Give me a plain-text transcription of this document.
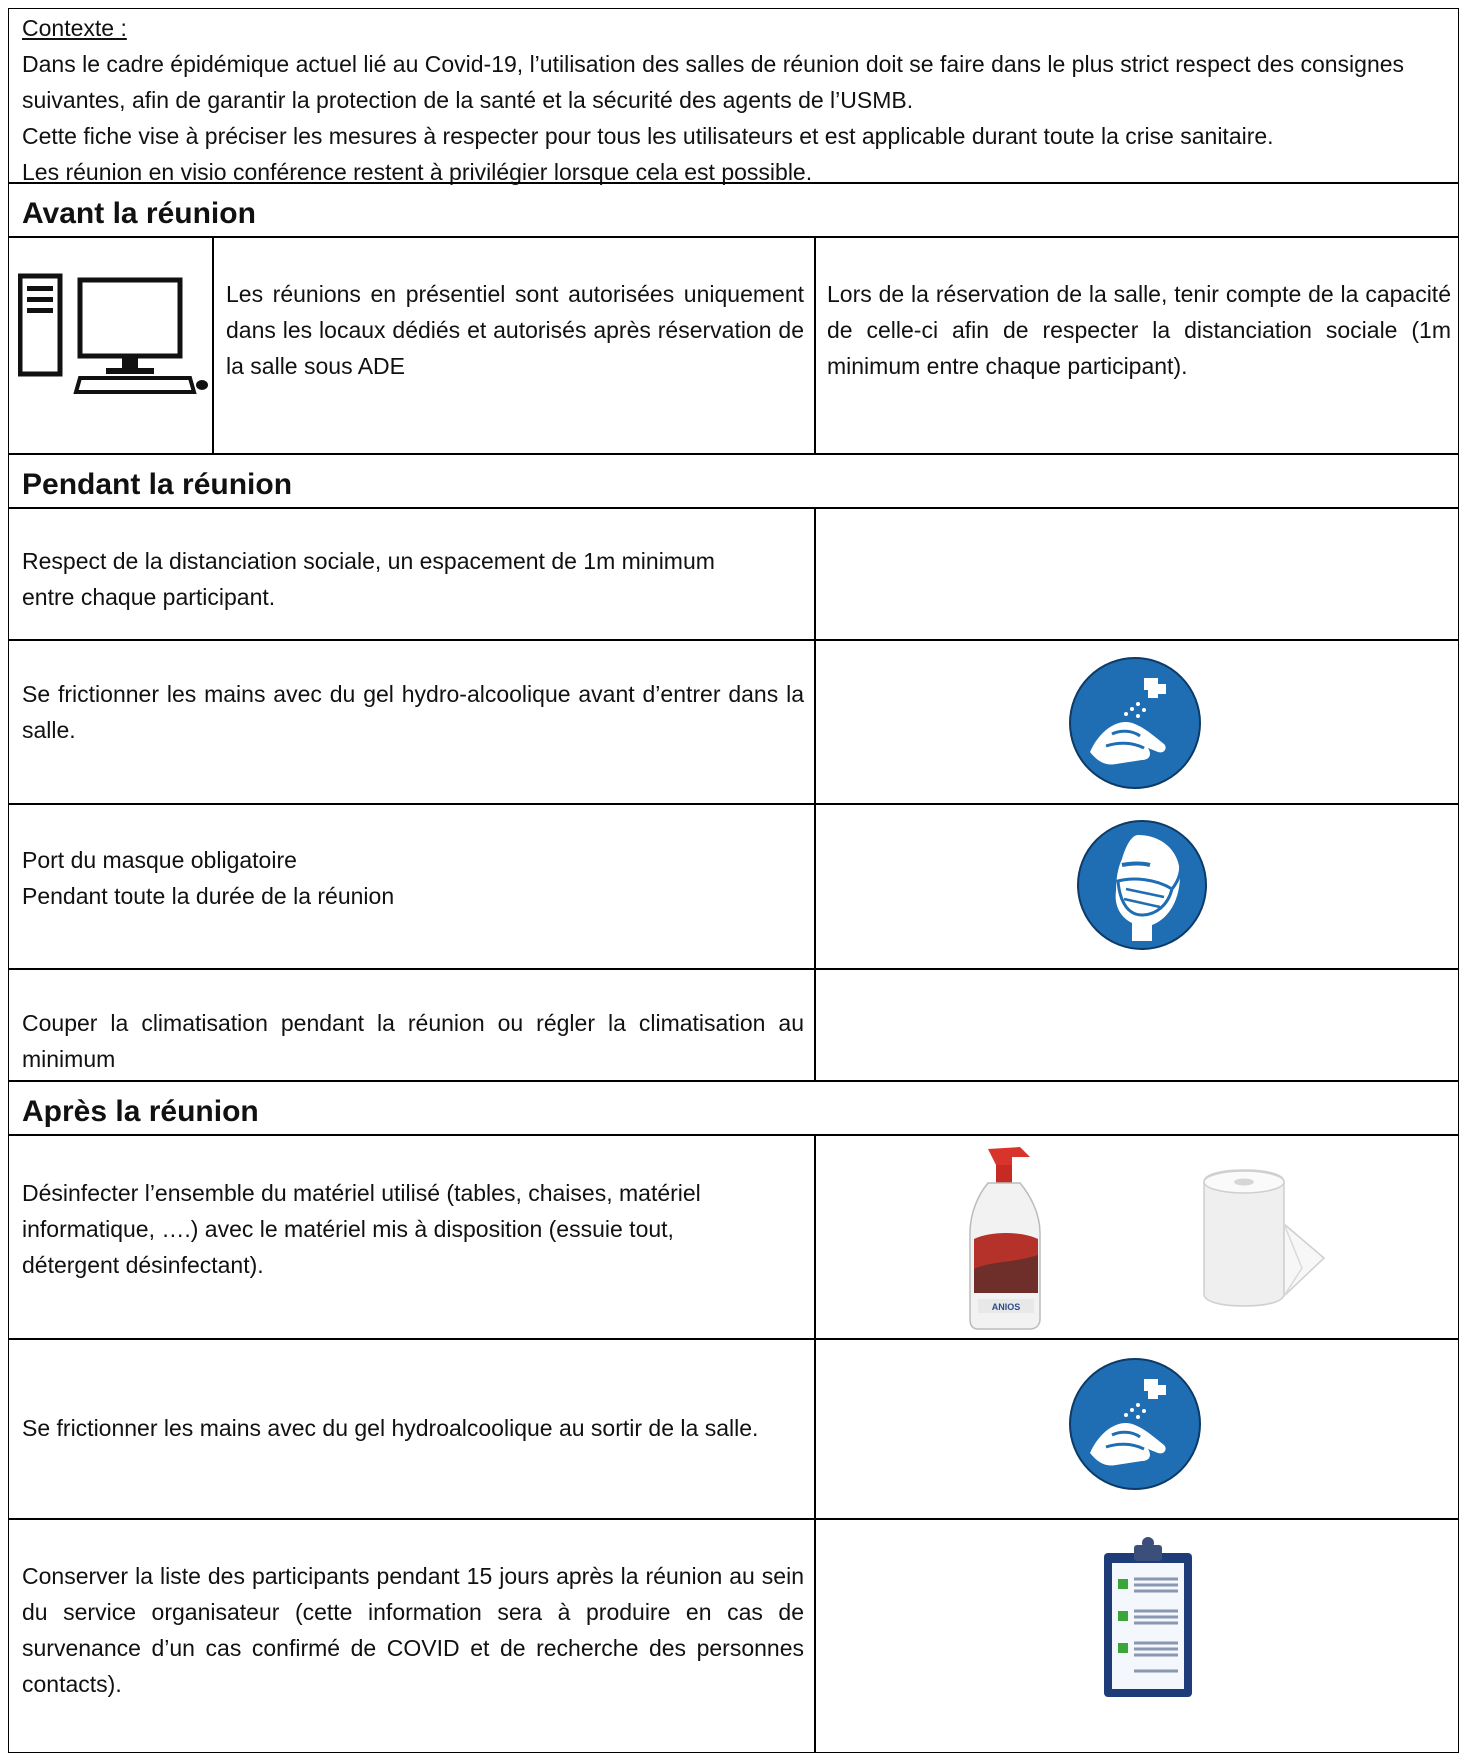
Contexte :
Dans le cadre épidémique actuel lié au Covid-19, l’utilisation des salles de réunion doit se faire dans le plus strict respect des consignes suivantes, afin de garantir la protection de la santé et la sécurité des agents de l’USMB.
Cette fiche vise à préciser les mesures à respecter pour tous les utilisateurs et est applicable durant toute la crise sanitaire.
Les réunion en visio conférence restent à privilégier lorsque cela est possible.
Avant la réunion
Les réunions en présentiel sont autorisées uniquement dans les locaux dédiés et autorisés après réservation de la salle sous ADE
Lors de la réservation de la salle, tenir compte de la capacité de celle-ci afin de respecter la distanciation sociale (1m minimum entre chaque participant).
Pendant la réunion
Respect de la distanciation sociale, un espacement de 1m minimum entre chaque participant.
Se frictionner les mains avec du gel hydro-alcoolique avant d’entrer dans la salle.
Port du masque obligatoire
Pendant toute la durée de la réunion
Couper la climatisation pendant la réunion ou régler la climatisation au minimum
Après la réunion
Désinfecter l’ensemble du matériel utilisé (tables, chaises, matériel informatique, ….) avec le matériel mis à disposition (essuie tout, détergent désinfectant).
ANIOS
Se frictionner les mains avec du gel hydroalcoolique au sortir de la salle.
Conserver la liste des participants pendant 15 jours après la réunion au sein du service organisateur (cette information sera à produire en cas de survenance d’un cas confirmé de COVID et de recherche des personnes contacts).
